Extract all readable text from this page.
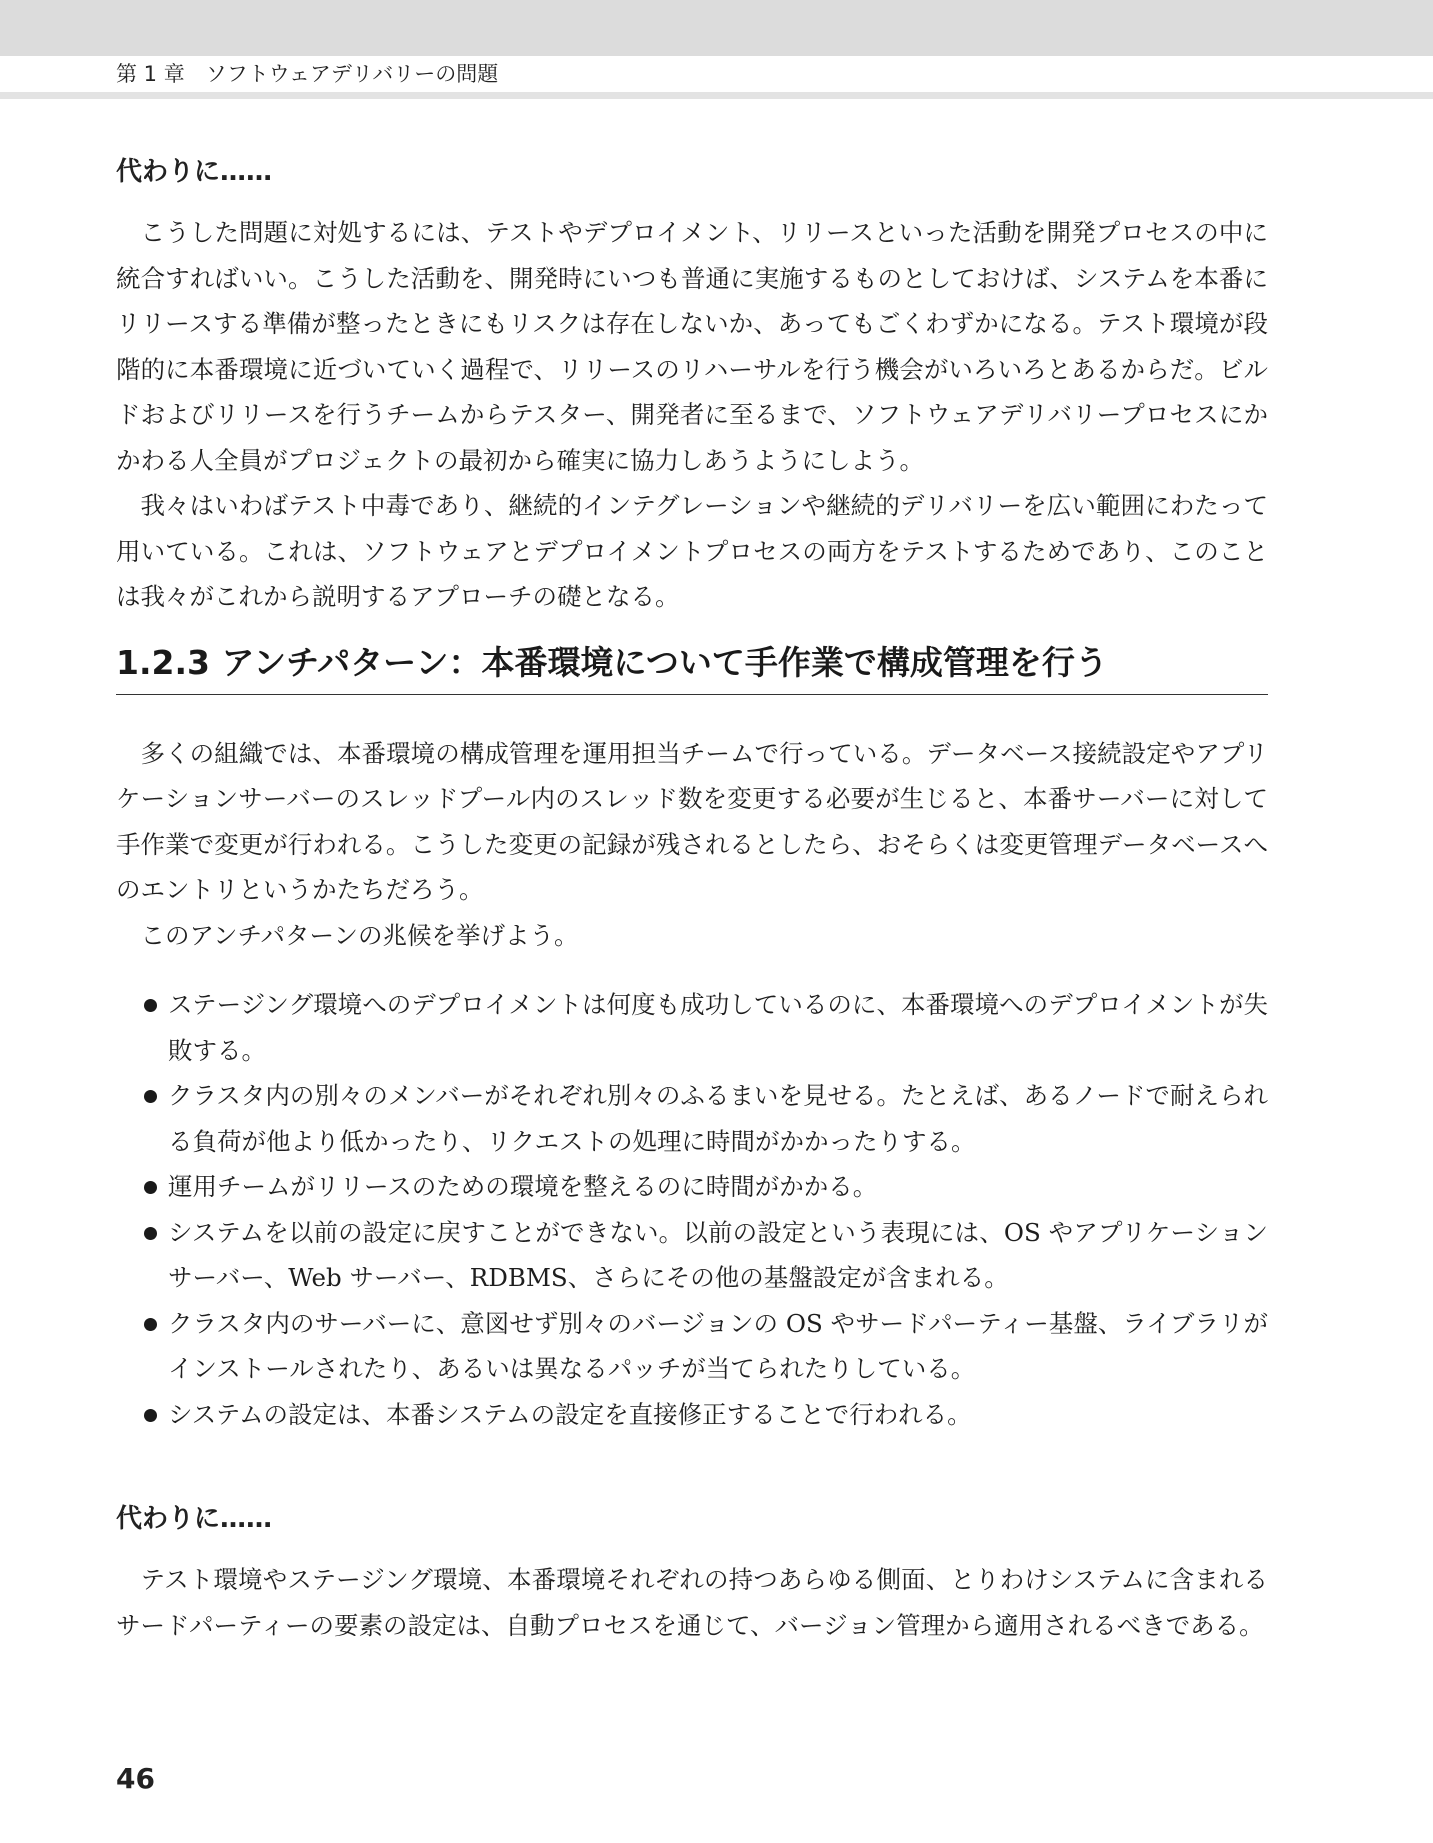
第 1 章　ソフトウェアデリバリーの問題
代わりに……

こうした問題に対処するには、テストやデプロイメント、リリースといった活動を開発プロセスの中に統合すればいい。こうした活動を、開発時にいつも普通に実施するものとしておけば、システムを本番にリリースする準備が整ったときにもリスクは存在しないか、あってもごくわずかになる。テスト環境が段階的に本番環境に近づいていく過程で、リリースのリハーサルを行う機会がいろいろとあるからだ。ビルドおよびリリースを行うチームからテスター、開発者に至るまで、ソフトウェアデリバリープロセスにかかわる人全員がプロジェクトの最初から確実に協力しあうようにしよう。

我々はいわばテスト中毒であり、継続的インテグレーションや継続的デリバリーを広い範囲にわたって用いている。これは、ソフトウェアとデプロイメントプロセスの両方をテストするためであり、このことは我々がこれから説明するアプローチの礎となる。

1.2.3 アンチパターン：本番環境について手作業で構成管理を行う

多くの組織では、本番環境の構成管理を運用担当チームで行っている。データベース接続設定やアプリケーションサーバーのスレッドプール内のスレッド数を変更する必要が生じると、本番サーバーに対して手作業で変更が行われる。こうした変更の記録が残されるとしたら、おそらくは変更管理データベースへのエントリというかたちだろう。

このアンチパターンの兆候を挙げよう。

ステージング環境へのデプロイメントは何度も成功しているのに、本番環境へのデプロイメントが失敗する。
クラスタ内の別々のメンバーがそれぞれ別々のふるまいを見せる。たとえば、あるノードで耐えられる負荷が他より低かったり、リクエストの処理に時間がかかったりする。
運用チームがリリースのための環境を整えるのに時間がかかる。
システムを以前の設定に戻すことができない。以前の設定という表現には、OS やアプリケーションサーバー、Web サーバー、RDBMS、さらにその他の基盤設定が含まれる。
クラスタ内のサーバーに、意図せず別々のバージョンの OS やサードパーティー基盤、ライブラリがインストールされたり、あるいは異なるパッチが当てられたりしている。
システムの設定は、本番システムの設定を直接修正することで行われる。
代わりに……

テスト環境やステージング環境、本番環境それぞれの持つあらゆる側面、とりわけシステムに含まれるサードパーティーの要素の設定は、自動プロセスを通じて、バージョン管理から適用されるべきである。

46
